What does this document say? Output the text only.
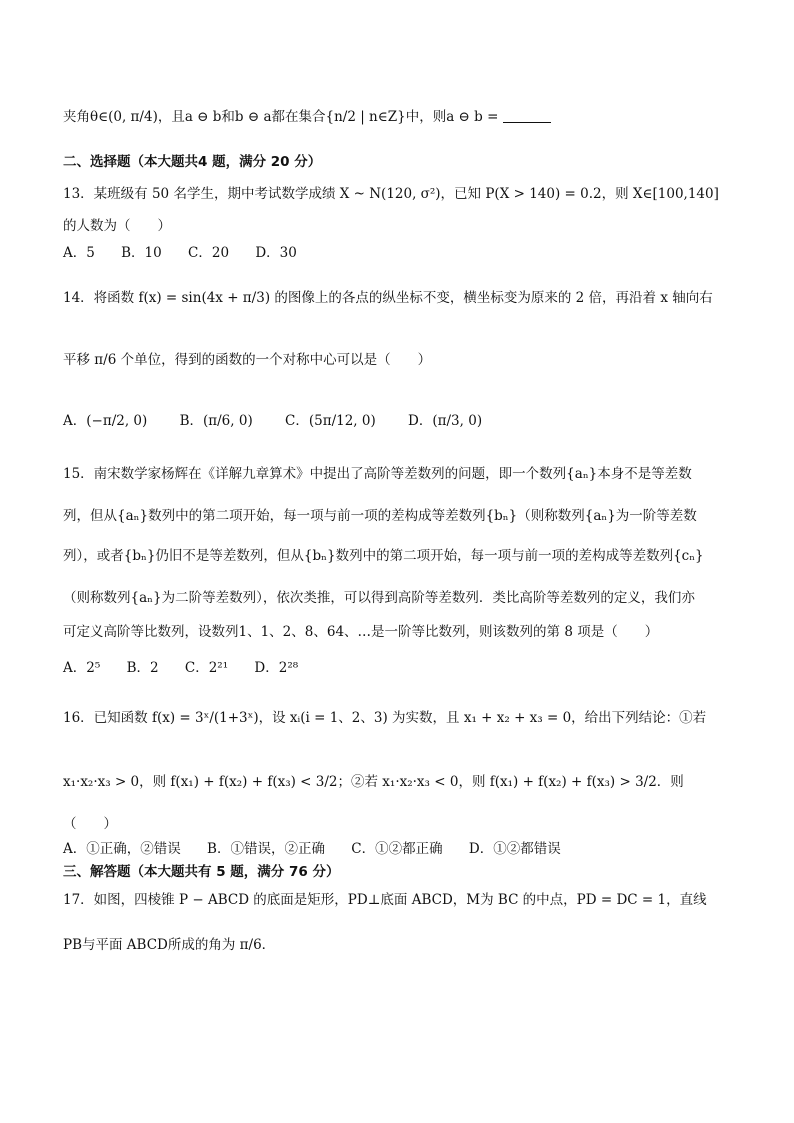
夹角θ∈(0, π/4)，且a ⊖ b和b ⊖ a都在集合{n/2 | n∈Z}中，则a ⊖ b =
二、选择题（本大题共4 题，满分 20 分）
13．某班级有 50 名学生，期中考试数学成绩 X ~ N(120, σ²)，已知 P(X > 140) = 0.2，则 X∈[100,140]
的人数为（　　）
A．5 B．10 C．20 D．30
14．将函数 f(x) = sin(4x + π/3) 的图像上的各点的纵坐标不变，横坐标变为原来的 2 倍，再沿着 x 轴向右
平移 π/6 个单位，得到的函数的一个对称中心可以是（　　）
A．(−π/2, 0) B．(π/6, 0) C．(5π/12, 0) D．(π/3, 0)
15．南宋数学家杨辉在《详解九章算术》中提出了高阶等差数列的问题，即一个数列{aₙ}本身不是等差数
列，但从{aₙ}数列中的第二项开始，每一项与前一项的差构成等差数列{bₙ}（则称数列{aₙ}为一阶等差数
列），或者{bₙ}仍旧不是等差数列，但从{bₙ}数列中的第二项开始，每一项与前一项的差构成等差数列{cₙ}
（则称数列{aₙ}为二阶等差数列），依次类推，可以得到高阶等差数列．类比高阶等差数列的定义，我们亦
可定义高阶等比数列，设数列1、1、2、8、64、…是一阶等比数列，则该数列的第 8 项是（　　）
A．2⁵ B．2 C．2²¹ D．2²⁸
16．已知函数 f(x) = 3ˣ/(1+3ˣ)，设 xᵢ(i = 1、2、3) 为实数，且 x₁ + x₂ + x₃ = 0，给出下列结论：①若
x₁·x₂·x₃ > 0，则 f(x₁) + f(x₂) + f(x₃) < 3/2；②若 x₁·x₂·x₃ < 0，则 f(x₁) + f(x₂) + f(x₃) > 3/2．则
（　　）
A．①正确，②错误 B．①错误，②正确 C．①②都正确 D．①②都错误
三、解答题（本大题共有 5 题，满分 76 分）
17．如图，四棱锥 P − ABCD 的底面是矩形，PD⊥底面 ABCD，M为 BC 的中点，PD = DC = 1，直线
PB与平面 ABCD所成的角为 π/6．
